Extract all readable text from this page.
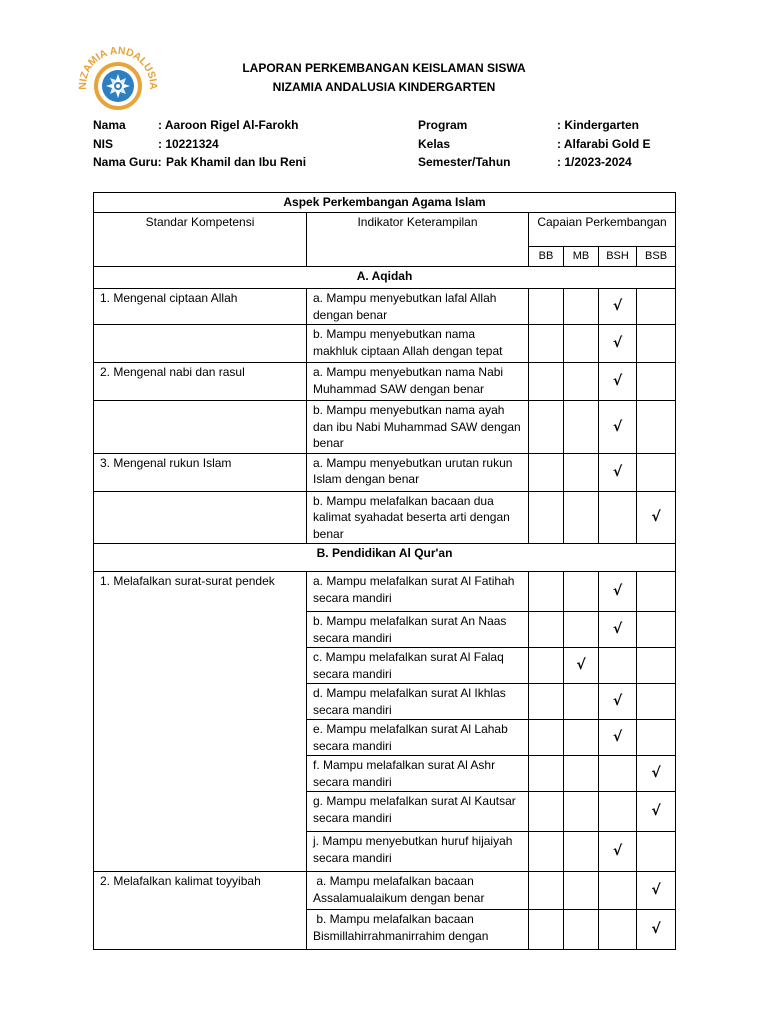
NIZAMIA ANDALUSIA
LAPORAN PERKEMBANGAN KEISLAMAN SISWA
NIZAMIA ANDALUSIA KINDERGARTEN
Nama	: Aaroon Rigel Al-Farokh
NIS	: 10221324
Nama Guru: Pak Khamil dan Ibu Reni
Program	: Kindergarten
Kelas	: Alfarabi Gold E
Semester/Tahun	: 1/2023-2024
Aspek Perkembangan Agama Islam					
Standar Kompetensi	Indikator Keterampilan	Capaian Perkembangan			
		BB	MB	BSH	BSB
A. Aqidah					
1. Mengenal ciptaan Allah	a. Mampu menyebutkan lafal Allah dengan benar			√	
	b. Mampu menyebutkan nama makhluk ciptaan Allah dengan tepat			√	
2. Mengenal nabi dan rasul	a. Mampu menyebutkan nama Nabi Muhammad SAW dengan benar			√	
	b. Mampu menyebutkan nama ayah dan ibu Nabi Muhammad SAW dengan benar			√	
3. Mengenal rukun Islam	a. Mampu menyebutkan urutan rukun Islam dengan benar			√	
	b. Mampu melafalkan bacaan dua kalimat syahadat beserta arti dengan benar				√
B. Pendidikan Al Qur'an					
1. Melafalkan surat-surat pendek	a. Mampu melafalkan surat Al Fatihah secara mandiri			√	
	b. Mampu melafalkan surat An Naas secara mandiri			√	
	c. Mampu melafalkan surat Al Falaq secara mandiri		√		
	d. Mampu melafalkan surat Al Ikhlas secara mandiri			√	
	e. Mampu melafalkan surat Al Lahab secara mandiri			√	
	f. Mampu melafalkan surat Al Ashr secara mandiri				√
	g. Mampu melafalkan surat Al Kautsar secara mandiri				√
	j. Mampu menyebutkan huruf hijaiyah secara mandiri			√	
2. Melafalkan kalimat toyyibah	a. Mampu melafalkan bacaan Assalamualaikum dengan benar				√
	b. Mampu melafalkan bacaan Bismillahirrahmanirrahim dengan				√
